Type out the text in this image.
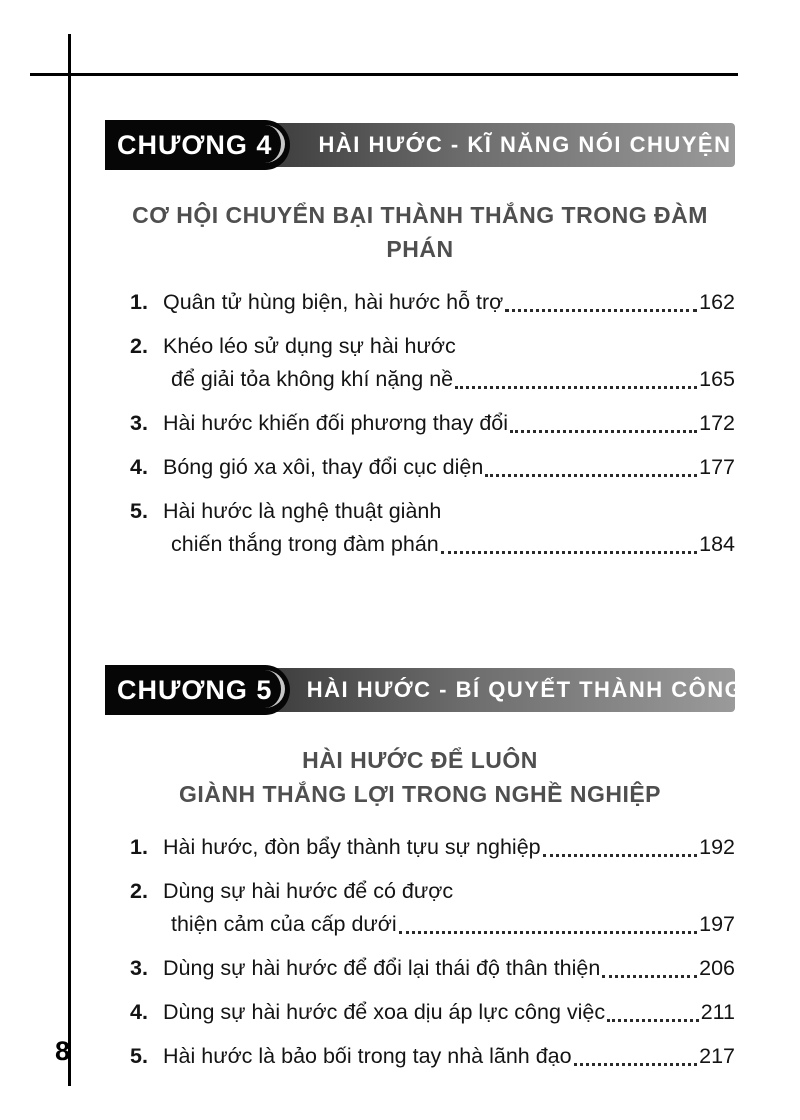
HÀI HƯỚC - KĨ NĂNG NÓI CHUYỆN
CHƯƠNG 4
CƠ HỘI CHUYỂN BẠI THÀNH THẮNG TRONG ĐÀM PHÁN
1. Quân tử hùng biện, hài hước hỗ trợ	162
2. Khéo léo sử dụng sự hài hước
để giải tỏa không khí nặng nề	165
3. Hài hước khiến đối phương thay đổi	172
4. Bóng gió xa xôi, thay đổi cục diện	177
5. Hài hước là nghệ thuật giành
chiến thắng trong đàm phán	184
HÀI HƯỚC - BÍ QUYẾT THÀNH CÔNG
CHƯƠNG 5
HÀI HƯỚC ĐỂ LUÔN
GIÀNH THẮNG LỢI TRONG NGHỀ NGHIỆP
1. Hài hước, đòn bẩy thành tựu sự nghiệp	192
2. Dùng sự hài hước để có được
thiện cảm của cấp dưới	197
3. Dùng sự hài hước để đổi lại thái độ thân thiện	206
4. Dùng sự hài hước để xoa dịu áp lực công việc	211
5. Hài hước là bảo bối trong tay nhà lãnh đạo	217
8
